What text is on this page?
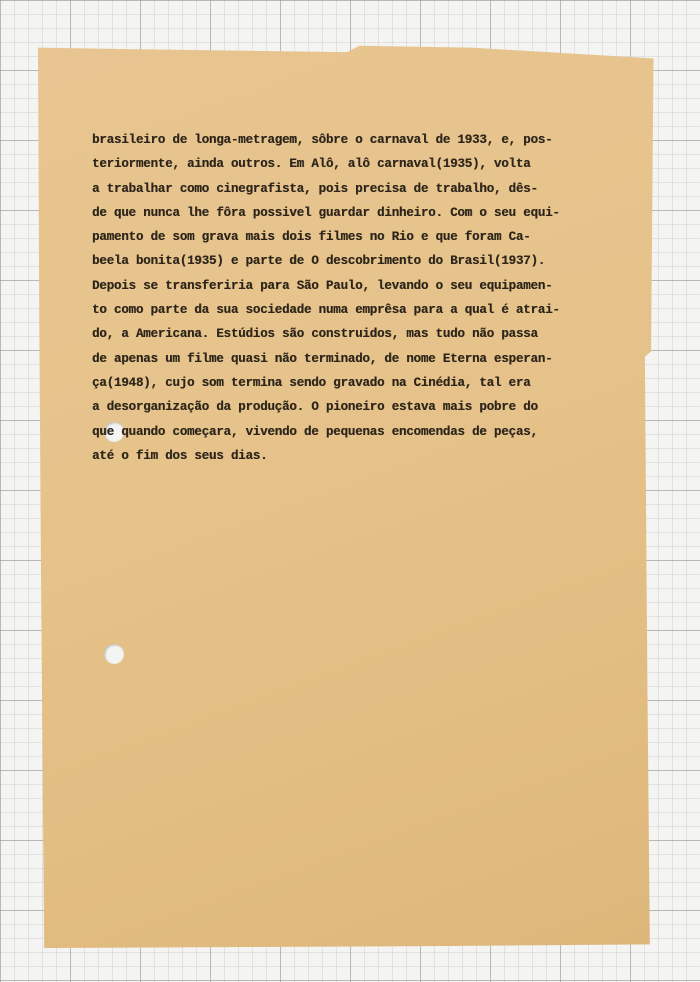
brasileiro de longa-metragem, sôbre o carnaval de 1933, e, pos-
teriormente, ainda outros. Em Alô, alô carnaval(1935), volta
a trabalhar como cinegrafista, pois precisa de trabalho, dês-
de que nunca lhe fôra possivel guardar dinheiro. Com o seu equi-
pamento de som grava mais dois filmes no Rio e que foram Ca-
beela bonita(1935) e parte de O descobrimento do Brasil(1937).
Depois se transferiria para São Paulo, levando o seu equipamen-
to como parte da sua sociedade numa emprêsa para a qual é atrai-
do, a Americana. Estúdios são construidos, mas tudo não passa
de apenas um filme quasi não terminado, de nome Eterna esperan-
ça(1948), cujo som termina sendo gravado na Cinédia, tal era
a desorganização da produção. O pioneiro estava mais pobre do
que quando começara, vivendo de pequenas encomendas de peças,
até o fim dos seus dias.
